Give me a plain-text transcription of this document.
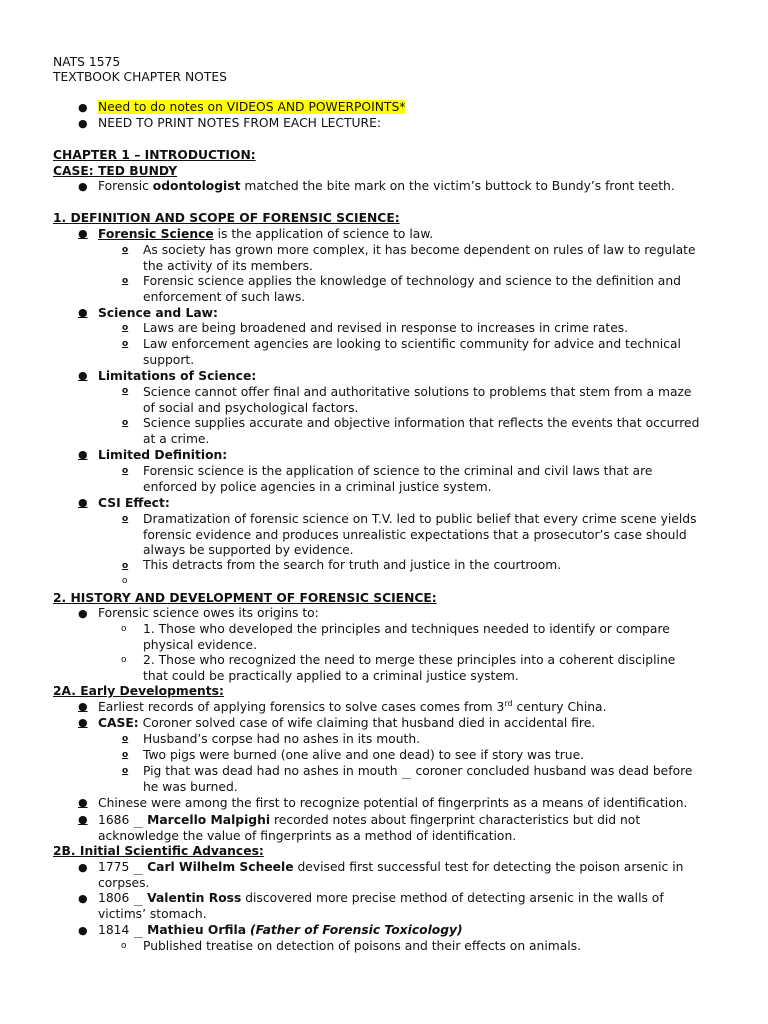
NATS 1575
TEXTBOOK CHAPTER NOTES
● Need to do notes on VIDEOS AND POWERPOINTS*
● NEED TO PRINT NOTES FROM EACH LECTURE:
CHAPTER 1 – INTRODUCTION:
CASE: TED BUNDY
● Forensic odontologist matched the bite mark on the victim’s buttock to Bundy’s front teeth.
1. DEFINITION AND SCOPE OF FORENSIC SCIENCE:
● Forensic Science is the application of science to law.
o As society has grown more complex, it has become dependent on rules of law to regulate
the activity of its members.
o Forensic science applies the knowledge of technology and science to the definition and
enforcement of such laws.
● Science and Law:
o Laws are being broadened and revised in response to increases in crime rates.
o Law enforcement agencies are looking to scientific community for advice and technical
support.
● Limitations of Science:
o Science cannot offer final and authoritative solutions to problems that stem from a maze
of social and psychological factors.
o Science supplies accurate and objective information that reflects the events that occurred
at a crime.
● Limited Definition:
o Forensic science is the application of science to the criminal and civil laws that are
enforced by police agencies in a criminal justice system.
● CSI Effect:
o Dramatization of forensic science on T.V. led to public belief that every crime scene yields
forensic evidence and produces unrealistic expectations that a prosecutor’s case should
always be supported by evidence.
o This detracts from the search for truth and justice in the courtroom.
o
2. HISTORY AND DEVELOPMENT OF FORENSIC SCIENCE:
● Forensic science owes its origins to:
o 1. Those who developed the principles and techniques needed to identify or compare
physical evidence.
o 2. Those who recognized the need to merge these principles into a coherent discipline
that could be practically applied to a criminal justice system.
2A. Early Developments:
● Earliest records of applying forensics to solve cases comes from 3rd century China.
● CASE: Coroner solved case of wife claiming that husband died in accidental fire.
o Husband’s corpse had no ashes in its mouth.
o Two pigs were burned (one alive and one dead) to see if story was true.
o Pig that was dead had no ashes in mouth ⎽ coroner concluded husband was dead before
he was burned.
● Chinese were among the first to recognize potential of fingerprints as a means of identification.
● 1686 ⎽ Marcello Malpighi recorded notes about fingerprint characteristics but did not
acknowledge the value of fingerprints as a method of identification.
2B. Initial Scientific Advances:
● 1775 ⎽ Carl Wilhelm Scheele devised first successful test for detecting the poison arsenic in
corpses.
● 1806 ⎽ Valentin Ross discovered more precise method of detecting arsenic in the walls of
victims’ stomach.
● 1814 ⎽ Mathieu Orfila (Father of Forensic Toxicology)
o Published treatise on detection of poisons and their effects on animals.
